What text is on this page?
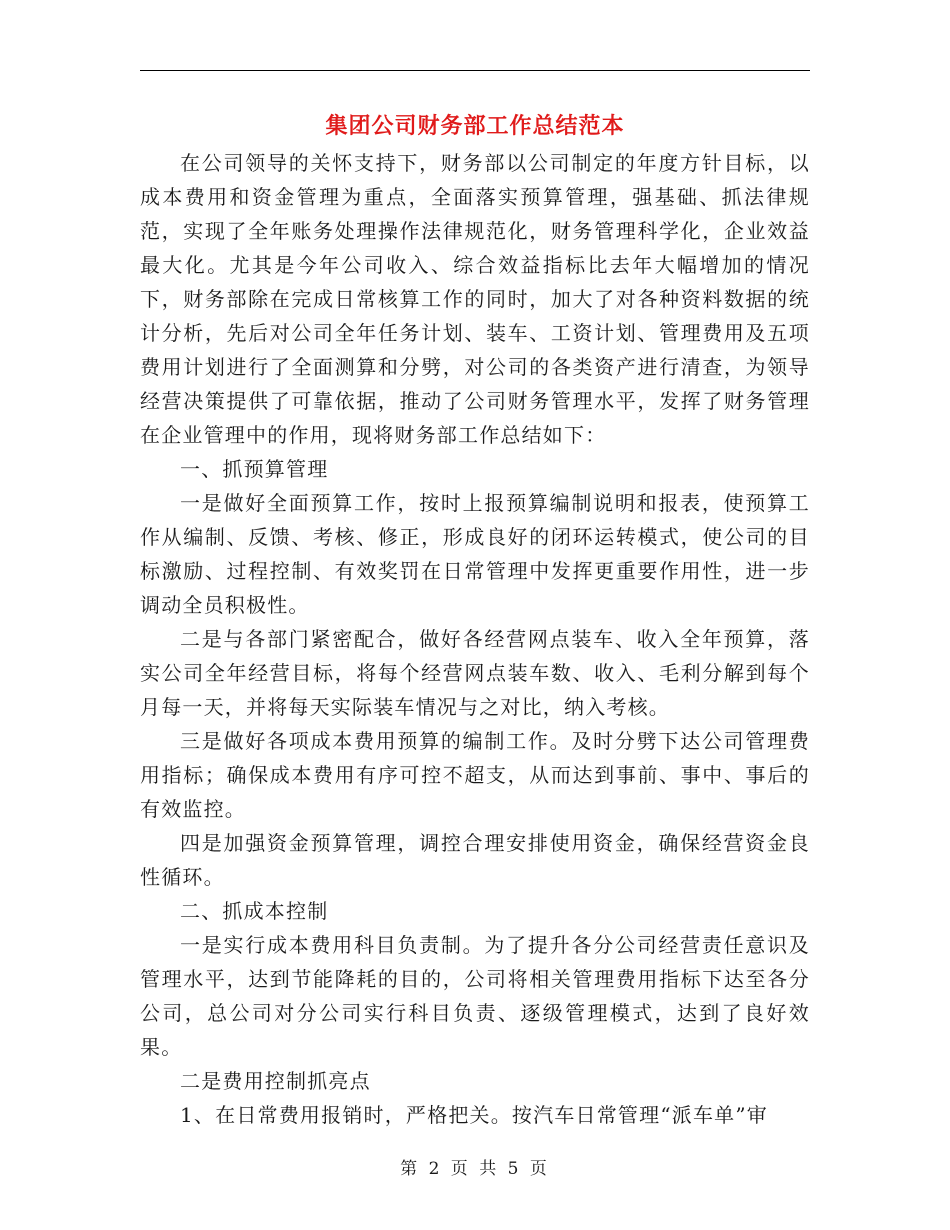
集团公司财务部工作总结范本

在公司领导的关怀支持下，财务部以公司制定的年度方针目标，以成本费用和资金管理为重点，全面落实预算管理，强基础、抓法律规范，实现了全年账务处理操作法律规范化，财务管理科学化，企业效益最大化。尤其是今年公司收入、综合效益指标比去年大幅增加的情况下，财务部除在完成日常核算工作的同时，加大了对各种资料数据的统计分析，先后对公司全年任务计划、装车、工资计划、管理费用及五项费用计划进行了全面测算和分劈，对公司的各类资产进行清查，为领导经营决策提供了可靠依据，推动了公司财务管理水平，发挥了财务管理在企业管理中的作用，现将财务部工作总结如下：

一、抓预算管理

一是做好全面预算工作，按时上报预算编制说明和报表，使预算工作从编制、反馈、考核、修正，形成良好的闭环运转模式，使公司的目标激励、过程控制、有效奖罚在日常管理中发挥更重要作用性，进一步调动全员积极性。

二是与各部门紧密配合，做好各经营网点装车、收入全年预算，落实公司全年经营目标，将每个经营网点装车数、收入、毛利分解到每个月每一天，并将每天实际装车情况与之对比，纳入考核。

三是做好各项成本费用预算的编制工作。及时分劈下达公司管理费用指标；确保成本费用有序可控不超支，从而达到事前、事中、事后的有效监控。

四是加强资金预算管理，调控合理安排使用资金，确保经营资金良性循环。

二、抓成本控制

一是实行成本费用科目负责制。为了提升各分公司经营责任意识及管理水平，达到节能降耗的目的，公司将相关管理费用指标下达至各分公司，总公司对分公司实行科目负责、逐级管理模式，达到了良好效果。

二是费用控制抓亮点

1、在日常费用报销时，严格把关。按汽车日常管理“派车单”审

第 2 页 共 5 页
